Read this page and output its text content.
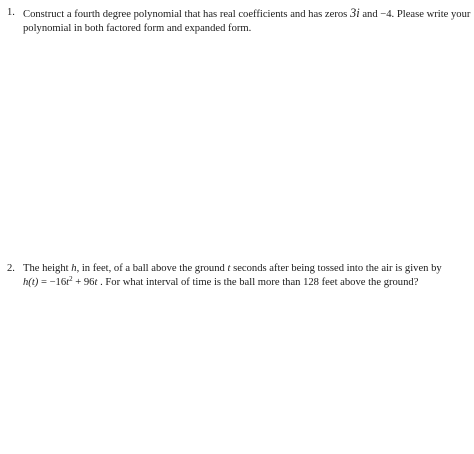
1. Construct a fourth degree polynomial that has real coefficients and has zeros 3i and −4. Please write your
polynomial in both factored form and expanded form.
2. The height h, in feet, of a ball above the ground t seconds after being tossed into the air is given by
$h(t) = -16t^2 + 96t$ . For what interval of time is the ball more than 128 feet above the ground?
